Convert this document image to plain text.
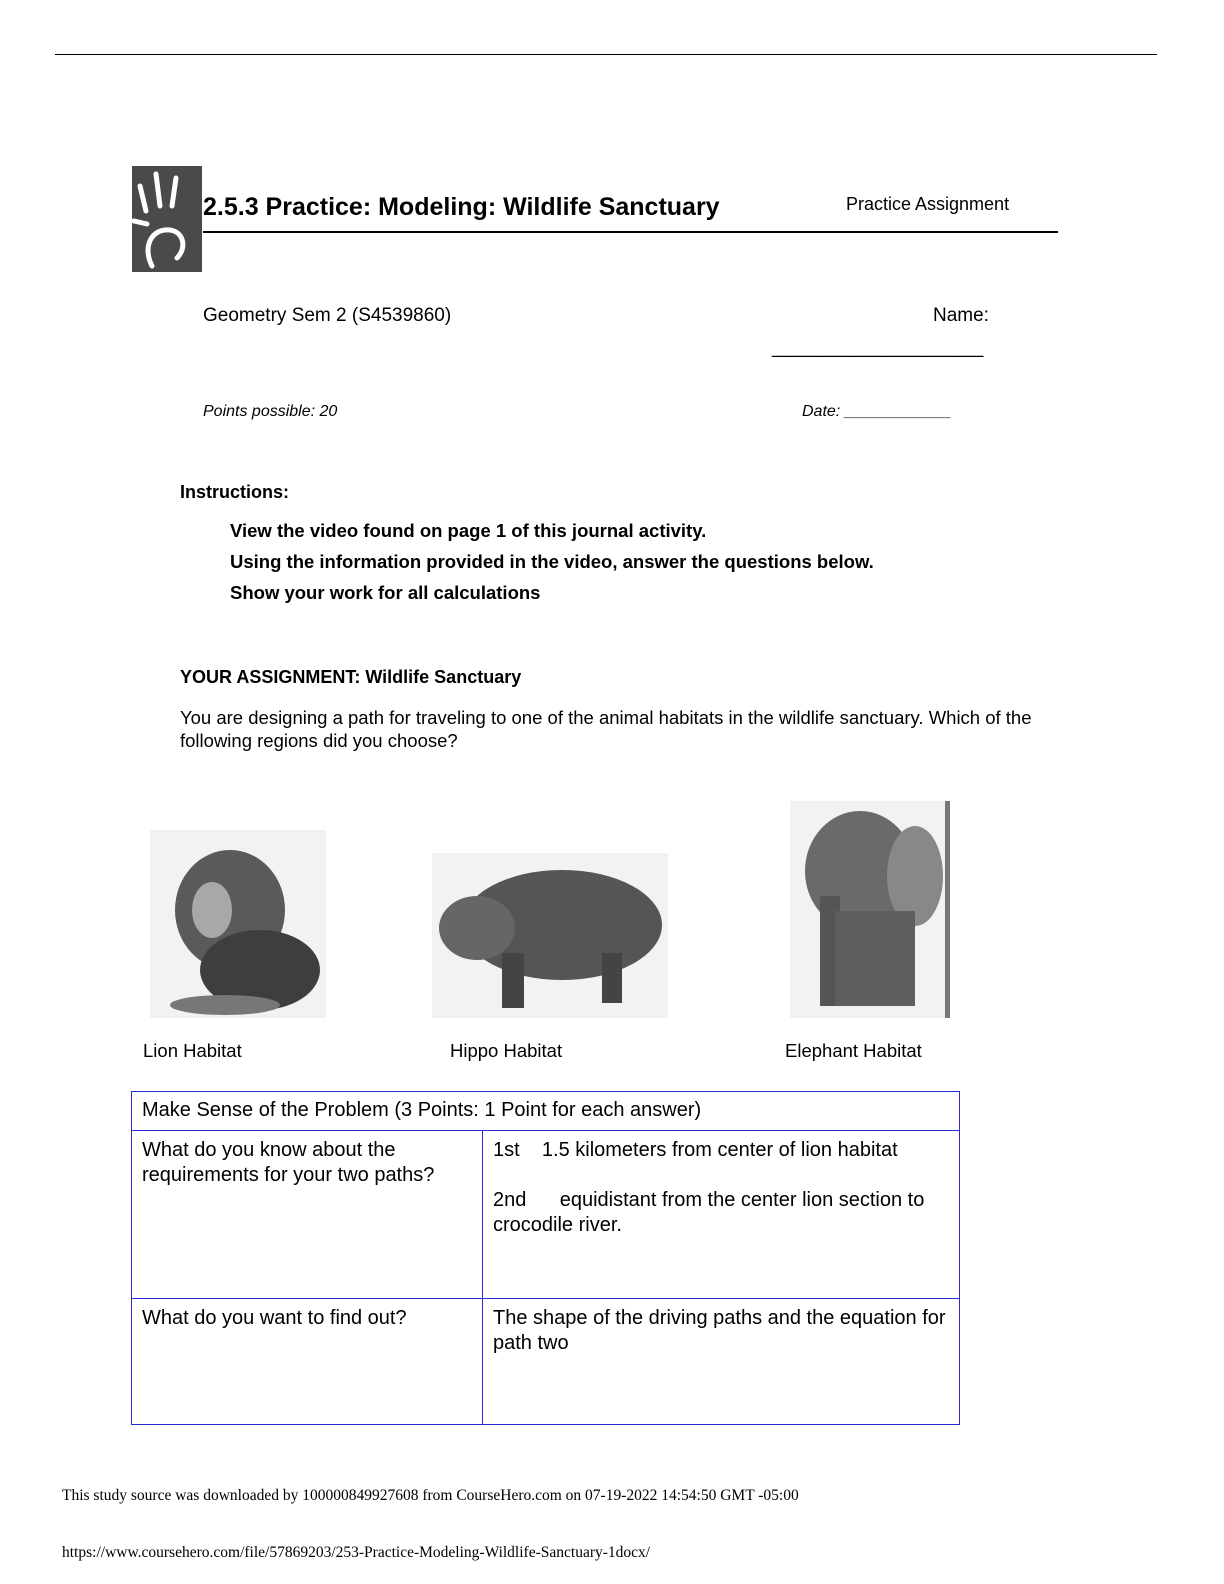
2.5.3 Practice: Modeling: Wildlife Sanctuary	Practice Assignment
Geometry Sem 2 (S4539860)	Name:
____________________
Points possible: 20	Date: ____________
Instructions:
View the video found on page 1 of this journal activity.
Using the information provided in the video, answer the questions below.
Show your work for all calculations
YOUR ASSIGNMENT: Wildlife Sanctuary
You are designing a path for traveling to one of the animal habitats in the wildlife sanctuary. Which of the following regions did you choose?
Lion Habitat	Hippo Habitat	Elephant Habitat
Make Sense of the Problem (3 Points: 1 Point for each answer)	
What do you know about the requirements for your two paths?	1st    1.5 kilometers from center of lion habitat
2nd      equidistant from the center lion section to crocodile river.

What do you want to find out?	The shape of the driving paths and the equation for path two
This study source was downloaded by 100000849927608 from CourseHero.com on 07-19-2022 14:54:50 GMT -05:00
https://www.coursehero.com/file/57869203/253-Practice-Modeling-Wildlife-Sanctuary-1docx/
